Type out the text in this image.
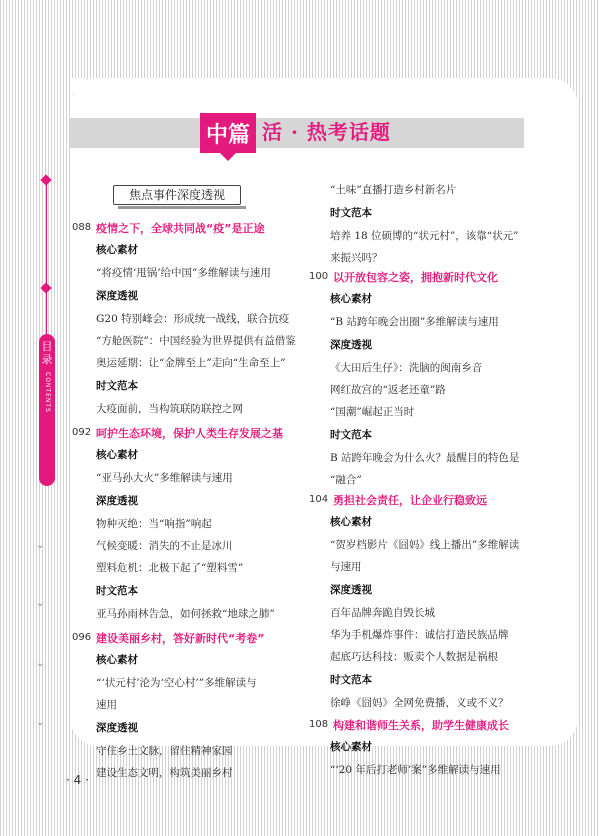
中篇 活 · 热考话题
目录
CONTENTS
⌄
⌄
⌄
⌄
焦点事件深度透视
088 疫情之下，全球共同战“疫”是正途
核心素材
“将疫情‘甩锅’给中国”多维解读与速用
深度透视
G20 特别峰会：形成统一战线，联合抗疫
“方舱医院”：中国经验为世界提供有益借鉴
奥运延期：让“金牌至上”走向“生命至上”
时文范本
大疫面前，当构筑联防联控之网
092 呵护生态环境，保护人类生存发展之基
核心素材
“亚马孙大火”多维解读与速用
深度透视
物种灭绝：当“响指”响起
气候变暖：消失的不止是冰川
塑料危机：北极下起了“塑料雪”
时文范本
亚马孙雨林告急，如何拯救“地球之肺”
096 建设美丽乡村，答好新时代“考卷”
核心素材
“‘状元村’沦为‘空心村’”多维解读与
速用
深度透视
守住乡土文脉，留住精神家园
建设生态文明，构筑美丽乡村
“土味”直播打造乡村新名片
时文范本
培养 18 位硕博的“状元村”，该靠“状元”
来振兴吗？
100 以开放包容之姿，拥抱新时代文化
核心素材
“B 站跨年晚会出圈”多维解读与速用
深度透视
《大田后生仔》：洗脑的闽南乡音
网红故宫的“返老还童”路
“国潮”崛起正当时
时文范本
B 站跨年晚会为什么火？最醒目的特色是
“融合”
104 勇担社会责任，让企业行稳致远
核心素材
“贺岁档影片《囧妈》线上播出”多维解读
与速用
深度透视
百年品牌奔跪自毁长城
华为手机爆炸事件：诚信打造民族品牌
起底巧达科技：贩卖个人数据是祸根
时文范本
徐峥《囧妈》全网免费播，义或不义？
108 构建和谐师生关系，助学生健康成长
核心素材
“‘20 年后打老师’案”多维解读与速用
· 4 ·
